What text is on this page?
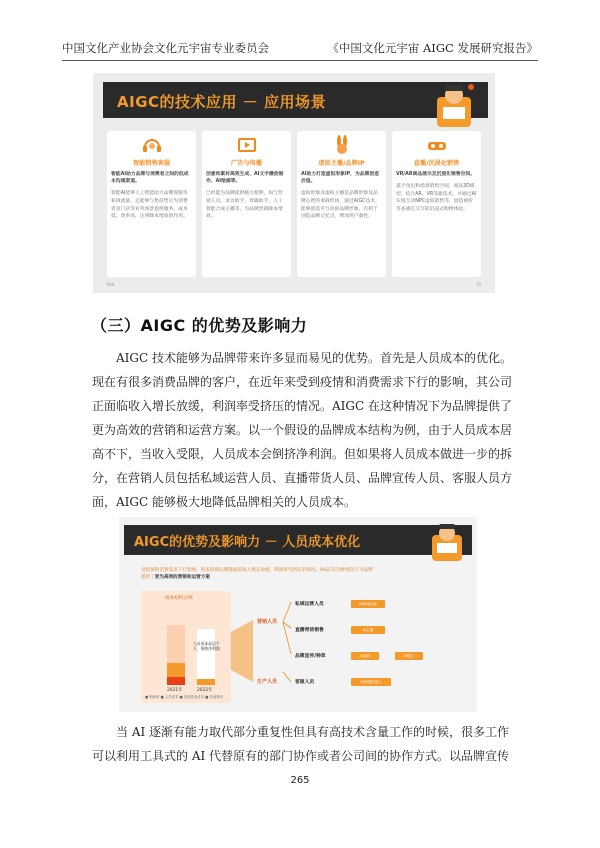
中国文化产业协会文化元宇宙专业委员会	《中国文化元宇宙 AIGC 发展研究报告》
AIGC的技术应用 － 应用场景
智能销售客服
智能AI助力品牌与消费者之间的低成本沟通渠道。
智能AI能够人工智能助力品牌客服等私域流量，还能够与售前售后为消费者及门店等业务场景提供服务，成本低，效率高，达到降本增效的作用。
广告与传播
创意和素材高效生成、AI文字播放制作、AI绘画等。
已经能为品牌提供极大便利，如与营销人员、求访助手、剪辑助手、人工智能合成主播等，为品牌营销降本增效。
虚拟主播/品牌IP
AI助力打造虚拟形象IP，为品牌创造价值。
虚拟形象及虚拟主播是品牌形象及品牌心智的承载形体，通过AIGC技术，能够创造可互动的品牌形象，有利于创造品牌记忆点，增加用户黏性。
直播/沉浸化销售
VR/AR商品展示及沉浸化销售空间。
基于角色和场景销售空间、商品3D模型、结合AR、VR等新技术，并通过AI实现互动NPC虚拟销售等，创造视听等多感官交互的沉浸式购物体验。
Pad	15
（三）AIGC 的优势及影响力
AIGC 技术能够为品牌带来许多显而易见的优势。首先是人员成本的优化。
现在有很多消费品牌的客户，在近年来受到疫情和消费需求下行的影响，其公司
正面临收入增长放缓，利润率受挤压的情况。AIGC 在这种情况下为品牌提供了
更为高效的营销和运营方案。以一个假设的品牌成本结构为例，由于人员成本居
高不下，当收入受限，人员成本会倒挤净利润。但如果将人员成本做进一步的拆
分，在营销人员包括私域运营人员、直播带货人员、品牌宣传人员、客服人员方
面，AIGC 能够极大地降低品牌相关的人员成本。
AIGC的优势及影响力 － 人员成本优化
受疫情和消费需求下行影响，很多消费品牌都面临收入增长放缓、利润率受挤压的情况，AIGC在这种情况下为品牌提供了更为高效的营销和运营方案
成本结构示例
人员成本高居不下，倒挤净利润
2021年	2022年
■ 利润率 ■ 人员成本 ■ 其他营业成本 ■ 其他费用
营销人员
生产人员
私域运营人员
直播带货销售
品牌宣传/种草
客服人员
AI私域运营
AI主播
AI素材	AI图文
AI客服机器人
当 AI 逐渐有能力取代部分重复性但具有高技术含量工作的时候，很多工作
可以利用工具式的 AI 代替原有的部门协作或者公司间的协作方式。以品牌宣传
265
